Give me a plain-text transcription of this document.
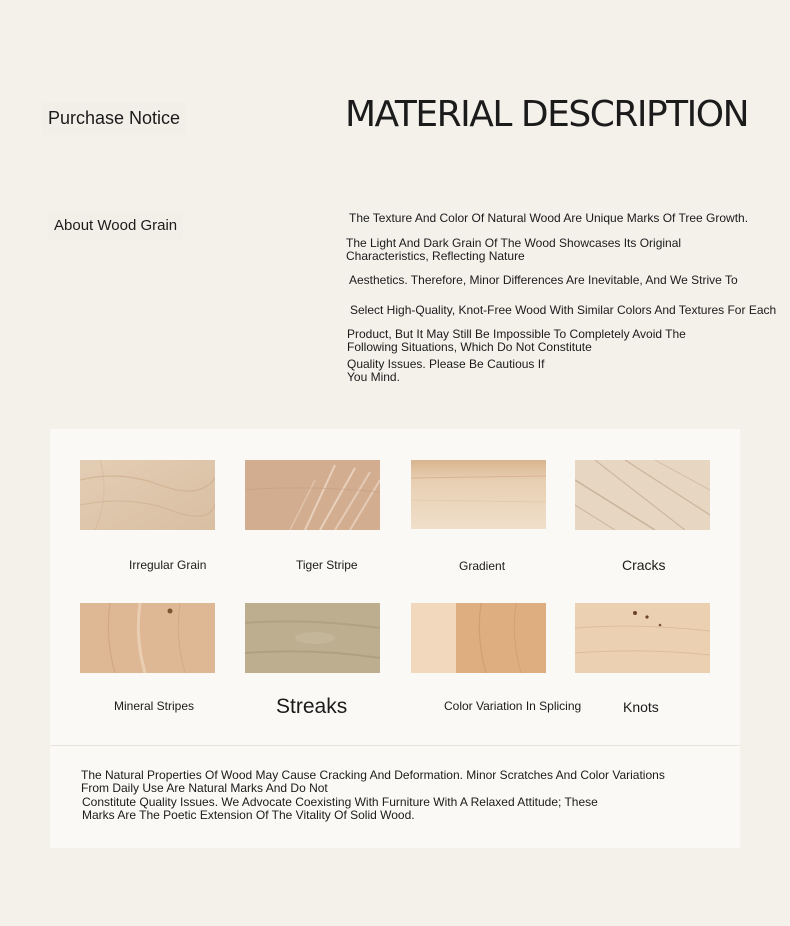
Purchase Notice
About Wood Grain
MATERIAL DESCRIPTION
The Texture And Color Of Natural Wood Are Unique Marks Of Tree Growth.
The Light And Dark Grain Of The Wood Showcases Its Original
Characteristics, Reflecting Nature
Aesthetics. Therefore, Minor Differences Are Inevitable, And We Strive To
Select High-Quality, Knot-Free Wood With Similar Colors And Textures For Each
Product, But It May Still Be Impossible To Completely Avoid The
Following Situations, Which Do Not Constitute
Quality Issues. Please Be Cautious If
You Mind.
Irregular Grain	Tiger Stripe	Gradient	Cracks
Mineral Stripes	Streaks	Color Variation In Splicing	Knots
The Natural Properties Of Wood May Cause Cracking And Deformation. Minor Scratches And Color Variations
From Daily Use Are Natural Marks And Do Not
Constitute Quality Issues. We Advocate Coexisting With Furniture With A Relaxed Attitude; These
Marks Are The Poetic Extension Of The Vitality Of Solid Wood.
